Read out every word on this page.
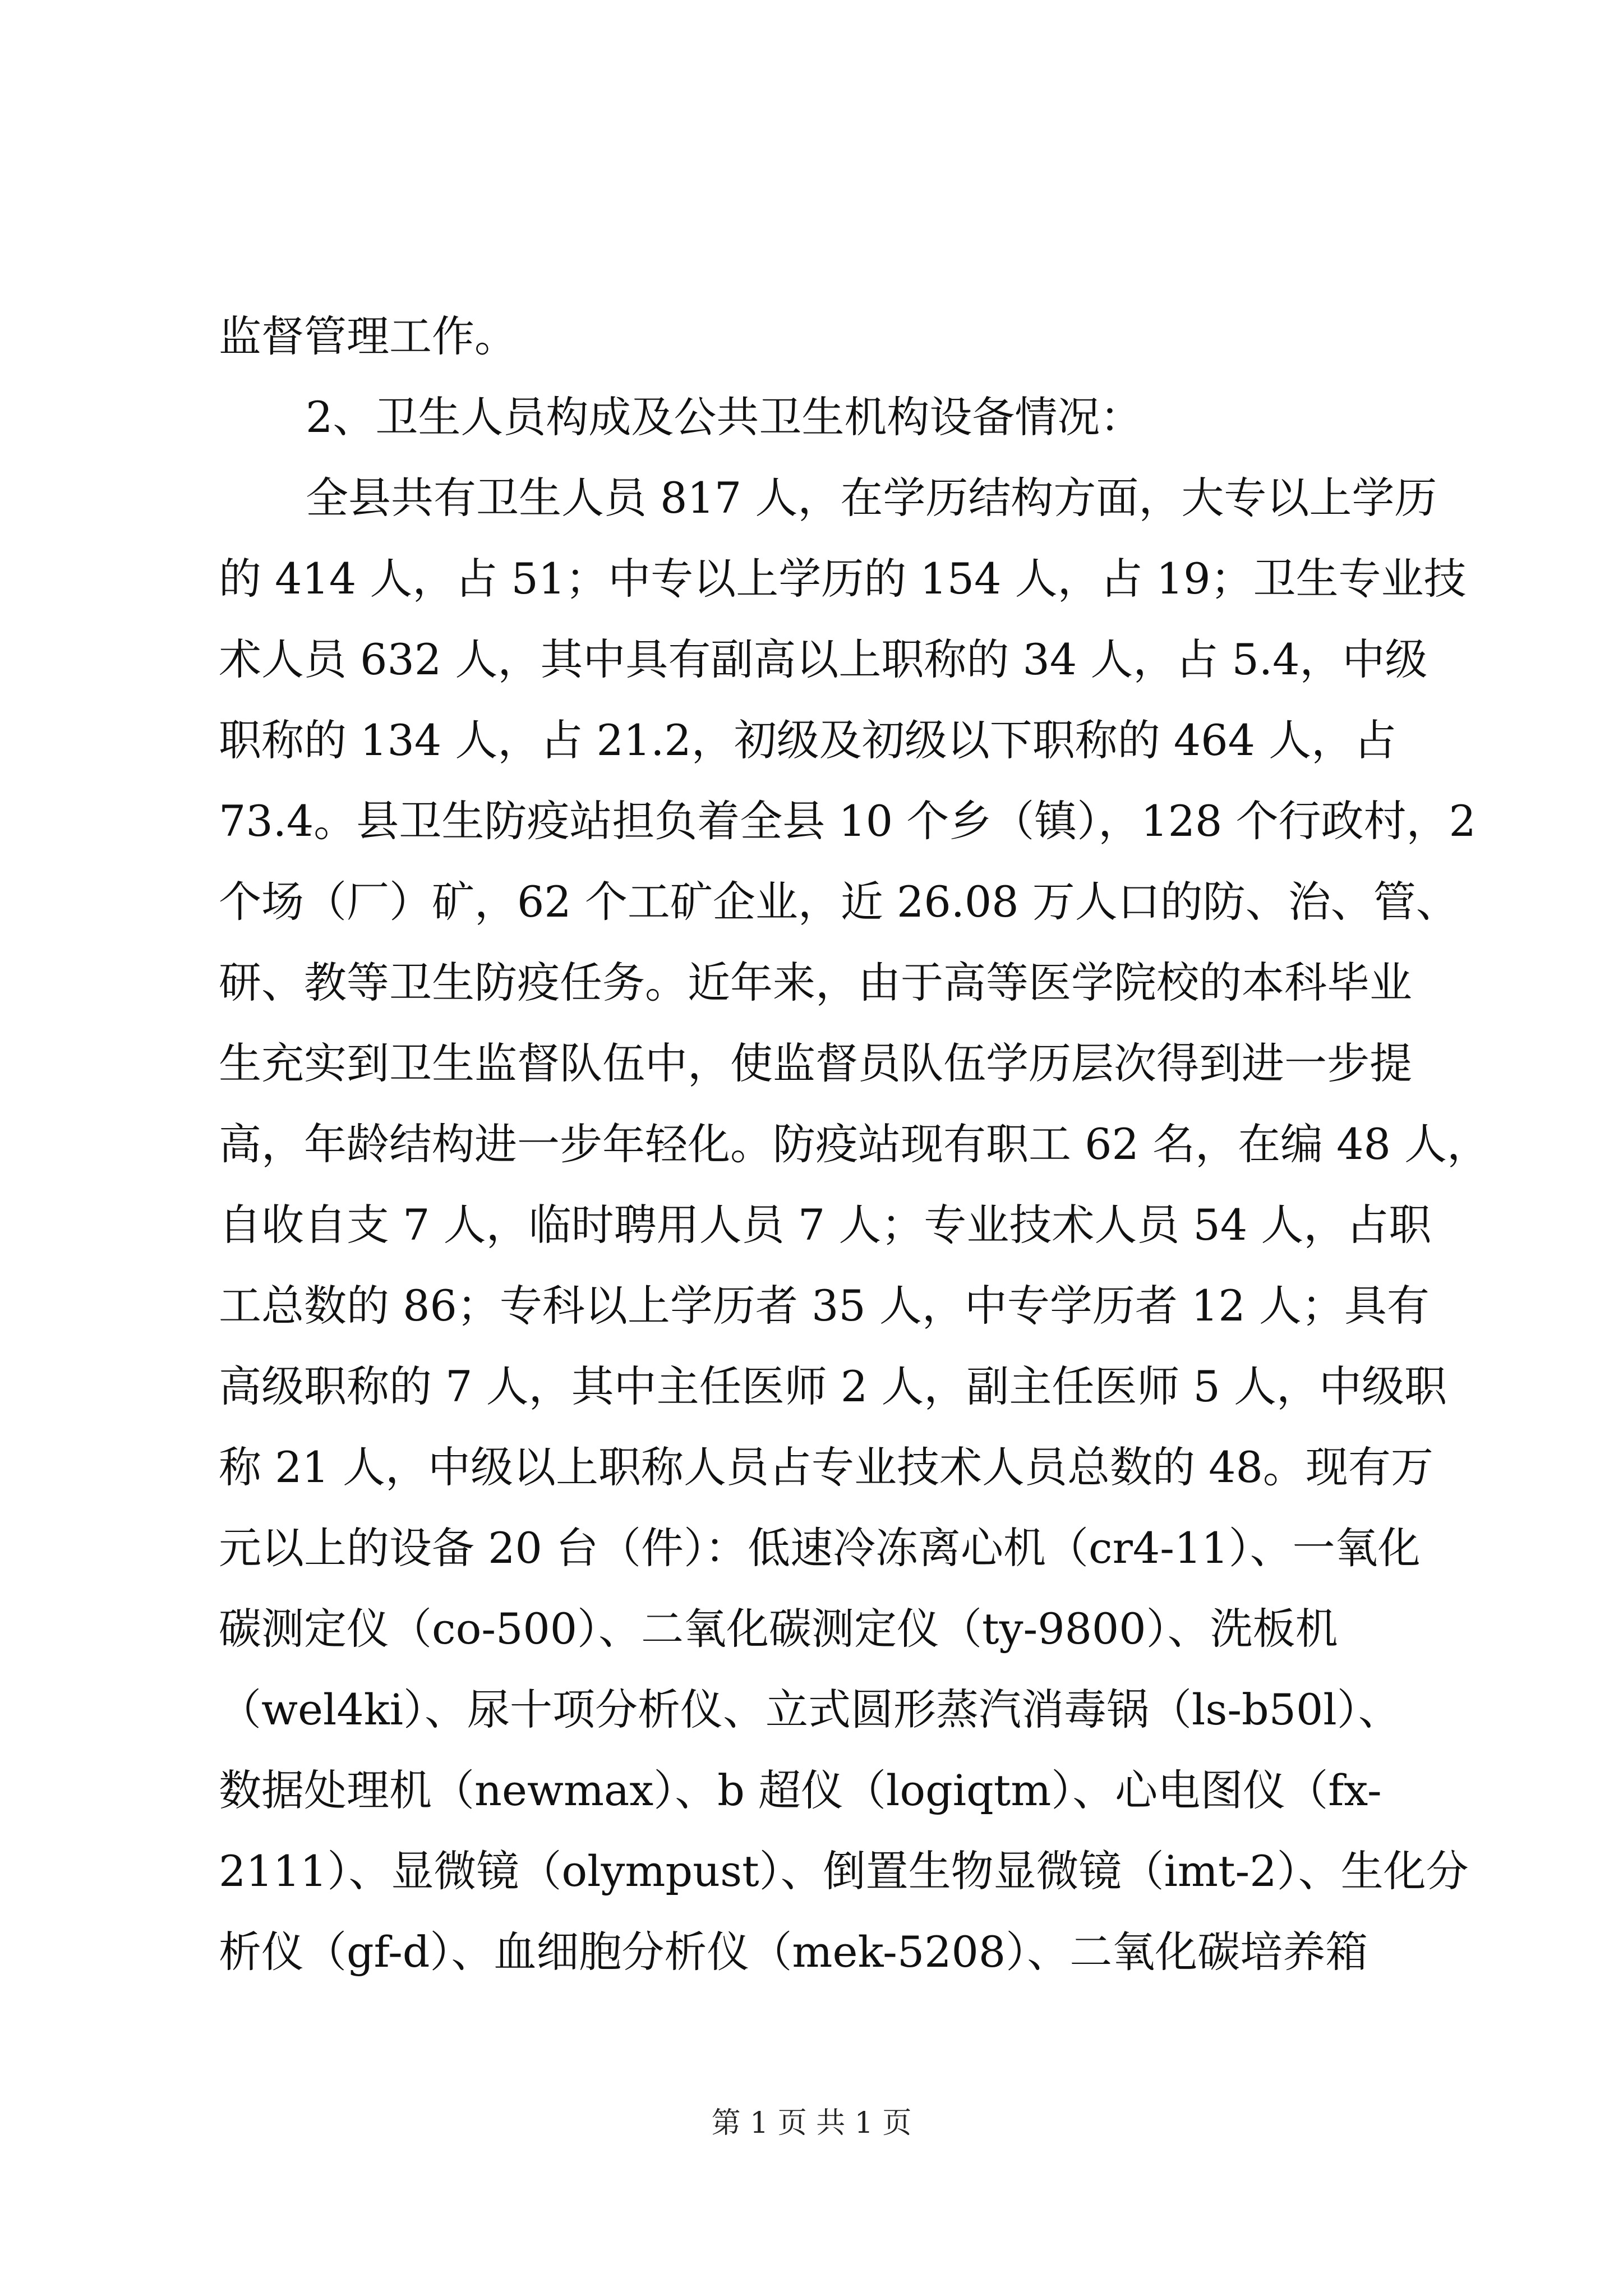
监督管理工作。
2、卫生人员构成及公共卫生机构设备情况：
全县共有卫生人员 817 人，在学历结构方面，大专以上学历
的 414 人，占 51；中专以上学历的 154 人，占 19；卫生专业技
术人员 632 人，其中具有副高以上职称的 34 人，占 5.4，中级
职称的 134 人，占 21.2，初级及初级以下职称的 464 人，占
73.4。县卫生防疫站担负着全县 10 个乡（镇），128 个行政村，2
个场（厂）矿，62 个工矿企业，近 26.08 万人口的防、治、管、
研、教等卫生防疫任务。近年来，由于高等医学院校的本科毕业
生充实到卫生监督队伍中，使监督员队伍学历层次得到进一步提
高，年龄结构进一步年轻化。防疫站现有职工 62 名，在编 48 人，
自收自支 7 人，临时聘用人员 7 人；专业技术人员 54 人，占职
工总数的 86；专科以上学历者 35 人，中专学历者 12 人；具有
高级职称的 7 人，其中主任医师 2 人，副主任医师 5 人，中级职
称 21 人，中级以上职称人员占专业技术人员总数的 48。现有万
元以上的设备 20 台（件）：低速冷冻离心机（cr4-11）、一氧化
碳测定仪（co-500）、二氧化碳测定仪（ty-9800）、洗板机
（wel4ki）、尿十项分析仪、立式圆形蒸汽消毒锅（ls-b50l）、
数据处理机（newmax）、b 超仪（logiqtm）、心电图仪（fx-
2111）、显微镜（olympust）、倒置生物显微镜（imt-2）、生化分
析仪（gf-d）、血细胞分析仪（mek-5208）、二氧化碳培养箱
第 1 页 共 1 页
